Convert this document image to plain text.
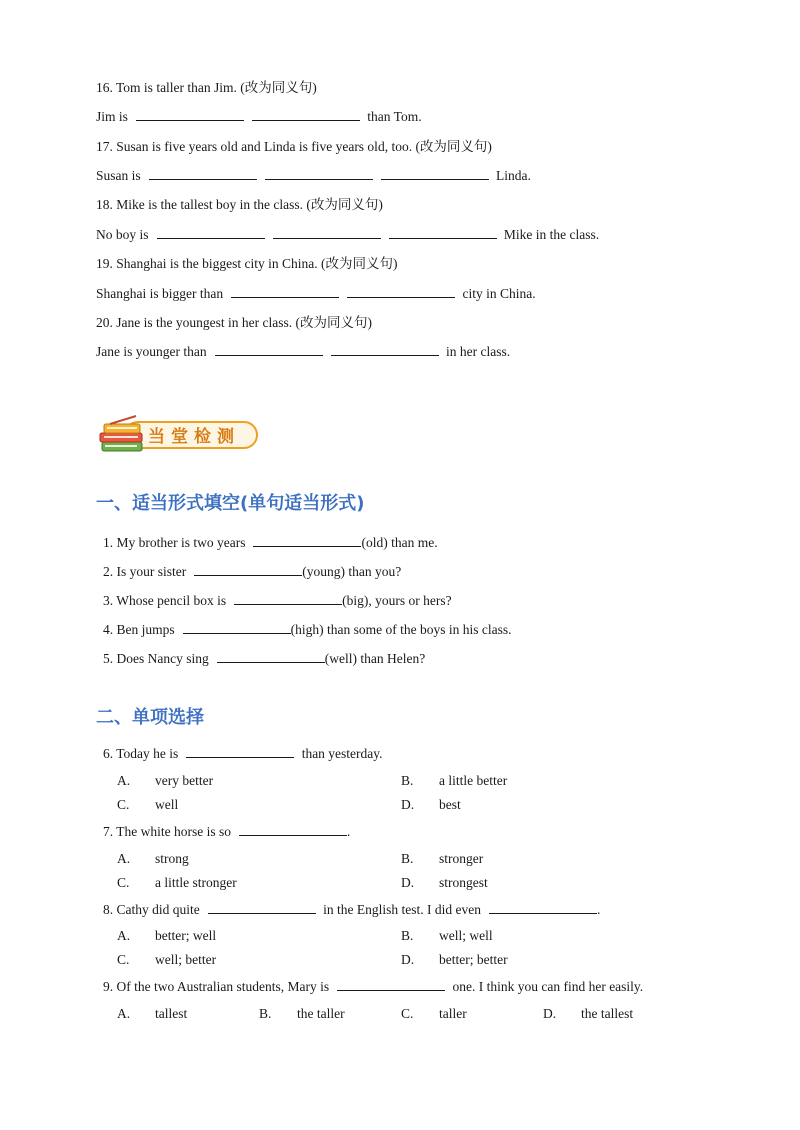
16. Tom is taller than Jim. (改为同义句)
Jim is	than Tom.
17. Susan is five years old and Linda is five years old, too. (改为同义句)
Susan is	Linda.
18. Mike is the tallest boy in the class. (改为同义句)
No boy is	Mike in the class.
19. Shanghai is the biggest city in China. (改为同义句)
Shanghai is bigger than	city in China.
20. Jane is the youngest in her class. (改为同义句)
Jane is younger than	in her class.
当堂检测
一、适当形式填空(单句适当形式)
1. My brother is two years	(old) than me.
2. Is your sister	(young) than you?
3. Whose pencil box is	(big), yours or hers?
4. Ben jumps	(high) than some of the boys in his class.
5. Does Nancy sing	(well) than Helen?
二、单项选择
6. Today he is	than yesterday.
A. very better	B. a little better
C. well	D. best
7. The white horse is so	.
A. strong	B. stronger
C. a little stronger	D. strongest
8. Cathy did quite	in the English test. I did even	.
A. better; well	B. well; well
C. well; better	D. better; better
9. Of the two Australian students, Mary is	one. I think you can find her easily.
A. tallest	B. the taller	C. taller	D. the tallest
